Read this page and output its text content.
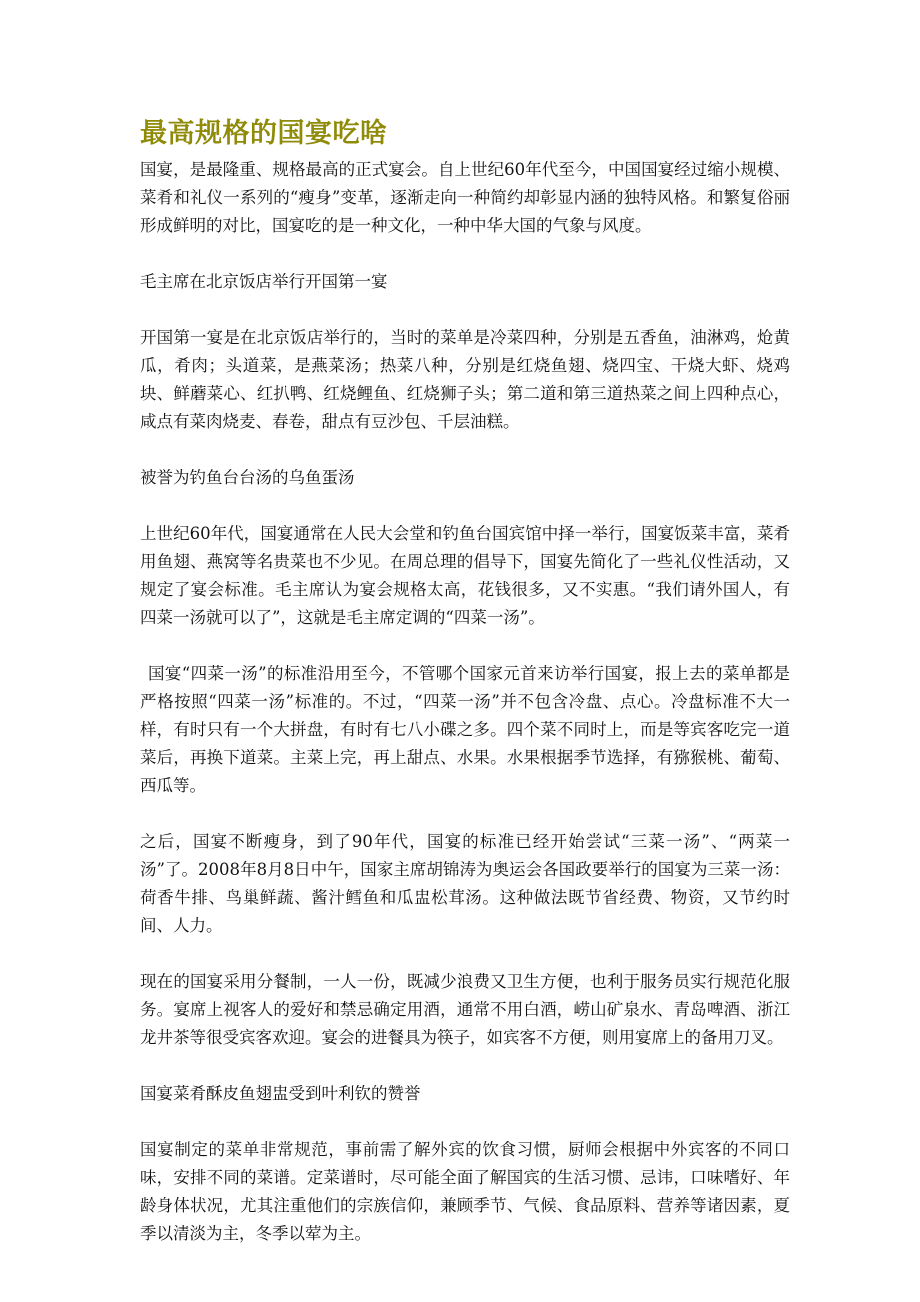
最高规格的国宴吃啥

国宴，是最隆重、规格最高的正式宴会。自上世纪60年代至今，中国国宴经过缩小规模、菜肴和礼仪一系列的“瘦身”变革，逐渐走向一种简约却彰显内涵的独特风格。和繁复俗丽形成鲜明的对比，国宴吃的是一种文化，一种中华大国的气象与风度。

毛主席在北京饭店举行开国第一宴

开国第一宴是在北京饭店举行的，当时的菜单是冷菜四种，分别是五香鱼，油淋鸡，炝黄瓜，肴肉；头道菜，是燕菜汤；热菜八种，分别是红烧鱼翅、烧四宝、干烧大虾、烧鸡块、鲜蘑菜心、红扒鸭、红烧鲤鱼、红烧狮子头；第二道和第三道热菜之间上四种点心，咸点有菜肉烧麦、春卷，甜点有豆沙包、千层油糕。

被誉为钓鱼台台汤的乌鱼蛋汤

上世纪60年代，国宴通常在人民大会堂和钓鱼台国宾馆中择一举行，国宴饭菜丰富，菜肴用鱼翅、燕窝等名贵菜也不少见。在周总理的倡导下，国宴先简化了一些礼仪性活动，又规定了宴会标准。毛主席认为宴会规格太高，花钱很多，又不实惠。“我们请外国人，有四菜一汤就可以了”，这就是毛主席定调的“四菜一汤”。

国宴“四菜一汤”的标准沿用至今，不管哪个国家元首来访举行国宴，报上去的菜单都是严格按照“四菜一汤”标准的。不过，“四菜一汤”并不包含冷盘、点心。冷盘标准不大一样，有时只有一个大拼盘，有时有七八小碟之多。四个菜不同时上，而是等宾客吃完一道菜后，再换下道菜。主菜上完，再上甜点、水果。水果根据季节选择，有猕猴桃、葡萄、西瓜等。

之后，国宴不断瘦身，到了90年代，国宴的标准已经开始尝试“三菜一汤”、“两菜一汤”了。2008年8月8日中午，国家主席胡锦涛为奥运会各国政要举行的国宴为三菜一汤：荷香牛排、鸟巢鲜蔬、酱汁鳕鱼和瓜盅松茸汤。这种做法既节省经费、物资，又节约时间、人力。

现在的国宴采用分餐制，一人一份，既减少浪费又卫生方便，也利于服务员实行规范化服务。宴席上视客人的爱好和禁忌确定用酒，通常不用白酒，崂山矿泉水、青岛啤酒、浙江龙井茶等很受宾客欢迎。宴会的进餐具为筷子，如宾客不方便，则用宴席上的备用刀叉。

国宴菜肴酥皮鱼翅盅受到叶利钦的赞誉

国宴制定的菜单非常规范，事前需了解外宾的饮食习惯，厨师会根据中外宾客的不同口味，安排不同的菜谱。定菜谱时，尽可能全面了解国宾的生活习惯、忌讳，口味嗜好、年龄身体状况，尤其注重他们的宗族信仰，兼顾季节、气候、食品原料、营养等诸因素，夏季以清淡为主，冬季以荤为主。
